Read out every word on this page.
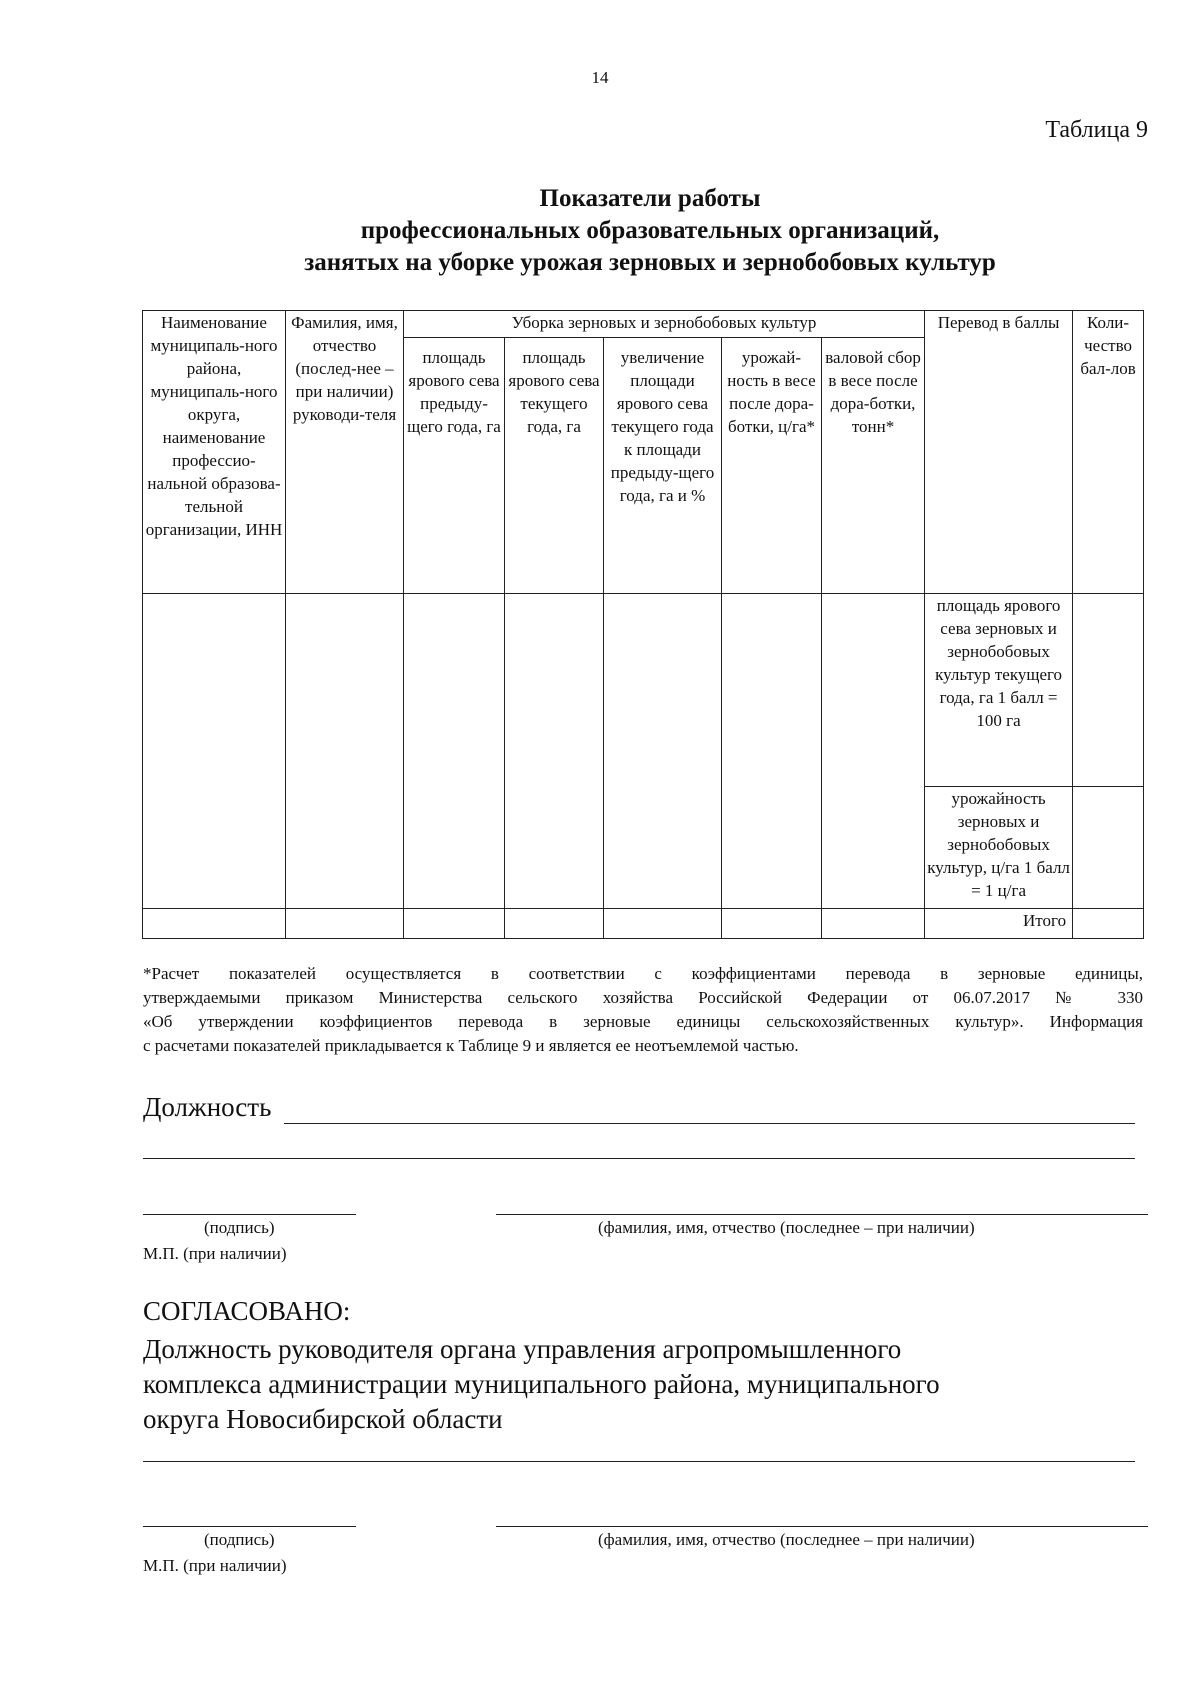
14
Таблица 9
Показатели работы
профессиональных образовательных организаций,
занятых на уборке урожая зерновых и зернобобовых культур
Наименование муниципаль-ного района, муниципаль-ного округа, наименование профессио-нальной образова-тельной организации, ИНН	Фамилия, имя, отчество (послед-нее – при наличии) руководи-теля	Уборка зерновых и зернобобовых культур					Перевод в баллы	Коли-чество бал-лов
		площадь ярового сева предыду-щего года, га	площадь ярового сева текущего года, га	увеличение площади ярового сева текущего года к площади предыду-щего года, га и %	урожай-ность в весе после дора-ботки, ц/га*	валовой сбор в весе после дора-ботки, тонн*		
							площадь ярового сева зерновых и зернобобовых культур текущего года, га 1 балл = 100 га	
							урожайность зерновых и зернобобовых культур, ц/га 1 балл = 1 ц/га	
							Итого	

*Расчет показателей осуществляется в соответствии с коэффициентами перевода в зерновые единицы,

утверждаемыми приказом Министерства сельского хозяйства Российской Федерации от 06.07.2017 № 330

«Об утверждении коэффициентов перевода в зерновые единицы сельскохозяйственных культур». Информация

с расчетами показателей прикладывается к Таблице 9 и является ее неотъемлемой частью.

Должность
(подпись)	(фамилия, имя, отчество (последнее – при наличии)
М.П. (при наличии)
СОГЛАСОВАНО:
Должность руководителя органа управления агропромышленного
комплекса администрации муниципального района, муниципального
округа Новосибирской области
(подпись)	(фамилия, имя, отчество (последнее – при наличии)
М.П. (при наличии)
